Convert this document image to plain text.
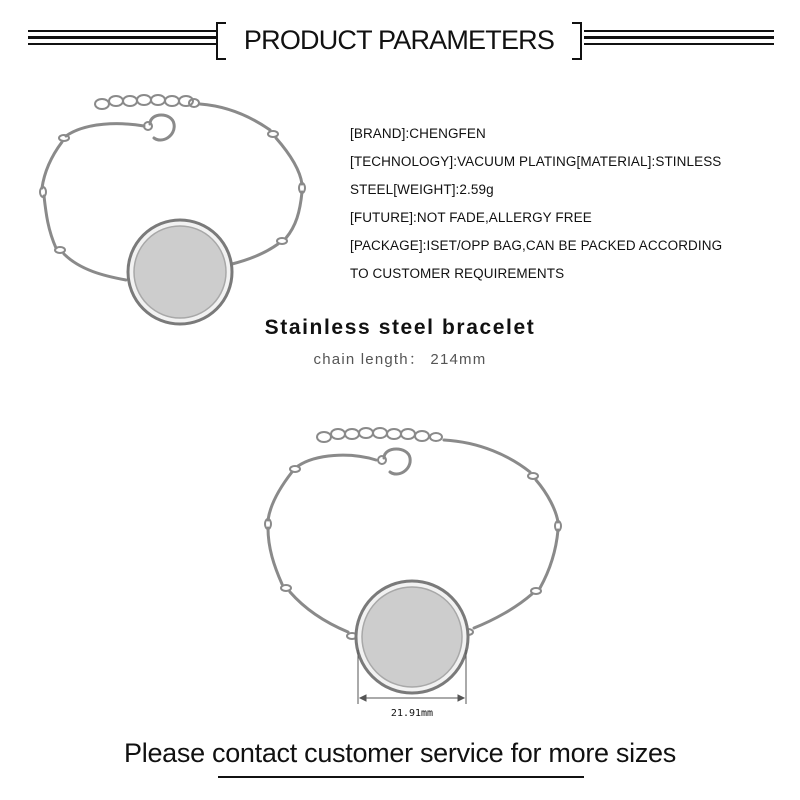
PRODUCT PARAMETERS
[BRAND]:CHENGFEN
[TECHNOLOGY]:VACUUM PLATING[MATERIAL]:STINLESS
STEEL[WEIGHT]:2.59g
[FUTURE]:NOT FADE,ALLERGY FREE
[PACKAGE]:ISET/OPP BAG,CAN BE PACKED ACCORDING
TO CUSTOMER REQUIREMENTS
Stainless steel bracelet
chain length： 214mm
21.91mm
Please contact customer service for more sizes
